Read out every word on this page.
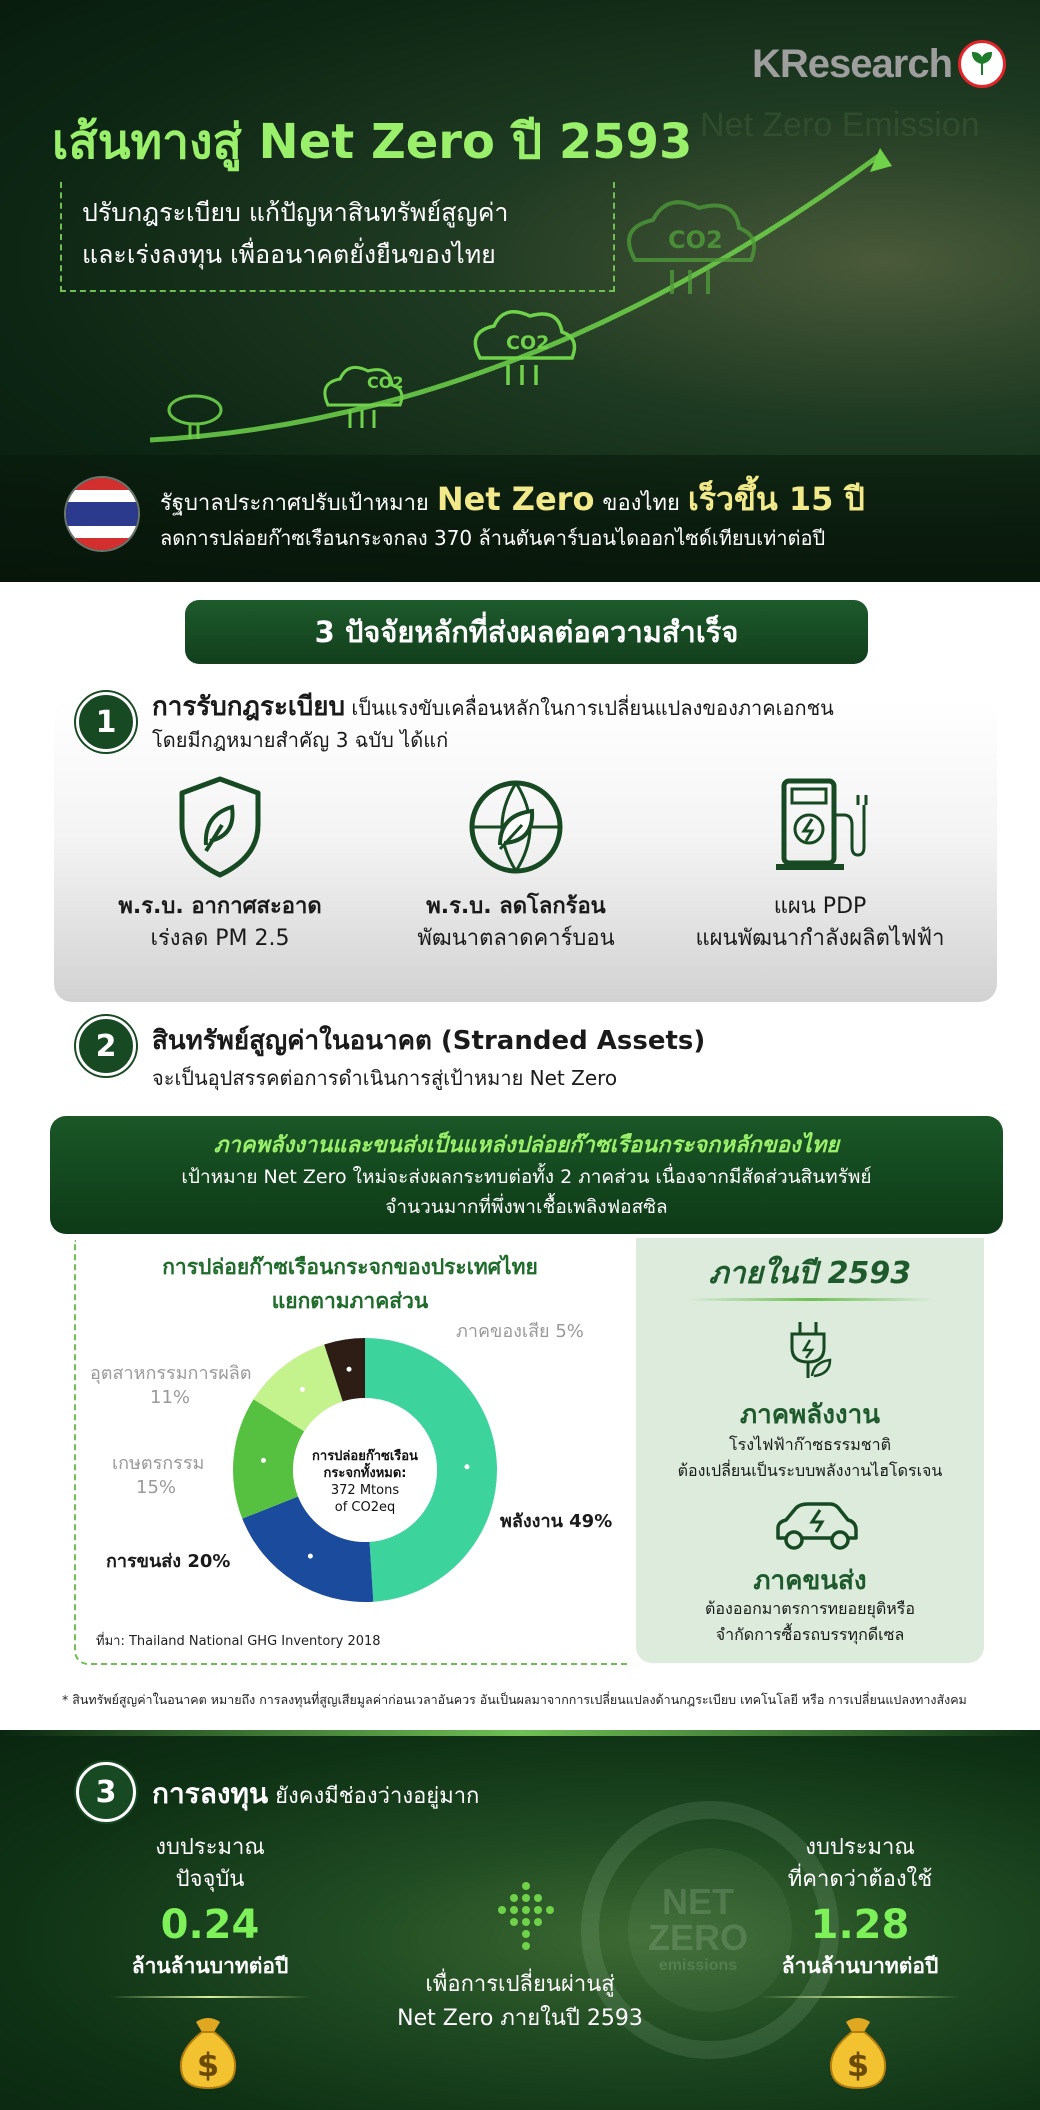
Net Zero Emission
CO2
CO2
CO2
KResearch
เส้นทางสู่ Net Zero ปี 2593
ปรับกฎระเบียบ แก้ปัญหาสินทรัพย์สูญค่า
และเร่งลงทุน เพื่ออนาคตยั่งยืนของไทย
รัฐบาลประกาศปรับเป้าหมาย Net Zero ของไทย เร็วขึ้น 15 ปี
ลดการปล่อยก๊าซเรือนกระจกลง 370 ล้านตันคาร์บอนไดออกไซด์เทียบเท่าต่อปี
3 ปัจจัยหลักที่ส่งผลต่อความสำเร็จ
1	การรับกฎระเบียบ เป็นแรงขับเคลื่อนหลักในการเปลี่ยนแปลงของภาคเอกชน
โดยมีกฎหมายสำคัญ 3 ฉบับ ได้แก่
พ.ร.บ. อากาศสะอาด
เร่งลด PM 2.5
พ.ร.บ. ลดโลกร้อน
พัฒนาตลาดคาร์บอน
แผน PDP
แผนพัฒนากำลังผลิตไฟฟ้า
2	สินทรัพย์สูญค่าในอนาคต (Stranded Assets)
จะเป็นอุปสรรคต่อการดำเนินการสู่เป้าหมาย Net Zero
ภาคพลังงานและขนส่งเป็นแหล่งปล่อยก๊าซเรือนกระจกหลักของไทย
เป้าหมาย Net Zero ใหม่จะส่งผลกระทบต่อทั้ง 2 ภาคส่วน เนื่องจากมีสัดส่วนสินทรัพย์
จำนวนมากที่พึ่งพาเชื้อเพลิงฟอสซิล
การปล่อยก๊าซเรือนกระจกของประเทศไทย
แยกตามภาคส่วน
ภาคของเสีย 5%
อุตสาหกรรมการผลิต
11%
เกษตรกรรม
15%
การขนส่ง 20%
พลังงาน 49%
การปล่อยก๊าซเรือน
กระจกทั้งหมด:
372 Mtons
of CO2eq
ที่มา: Thailand National GHG Inventory 2018
ภายในปี 2593
ภาคพลังงาน
โรงไฟฟ้าก๊าซธรรมชาติ
ต้องเปลี่ยนเป็นระบบพลังงานไฮโดรเจน
ภาคขนส่ง
ต้องออกมาตรการทยอยยุติหรือ
จำกัดการซื้อรถบรรทุกดีเซล
* สินทรัพย์สูญค่าในอนาคต หมายถึง การลงทุนที่สูญเสียมูลค่าก่อนเวลาอันควร อันเป็นผลมาจากการเปลี่ยนแปลงด้านกฎระเบียบ เทคโนโลยี หรือ การเปลี่ยนแปลงทางสังคม
NET
ZERO
emissions
3	การลงทุน ยังคงมีช่องว่างอยู่มาก
งบประมาณ
ปัจจุบัน
0.24
ล้านล้านบาทต่อปี
งบประมาณ
ที่คาดว่าต้องใช้
1.28
ล้านล้านบาทต่อปี
เพื่อการเปลี่ยนผ่านสู่
Net Zero ภายในปี 2593
$	$
